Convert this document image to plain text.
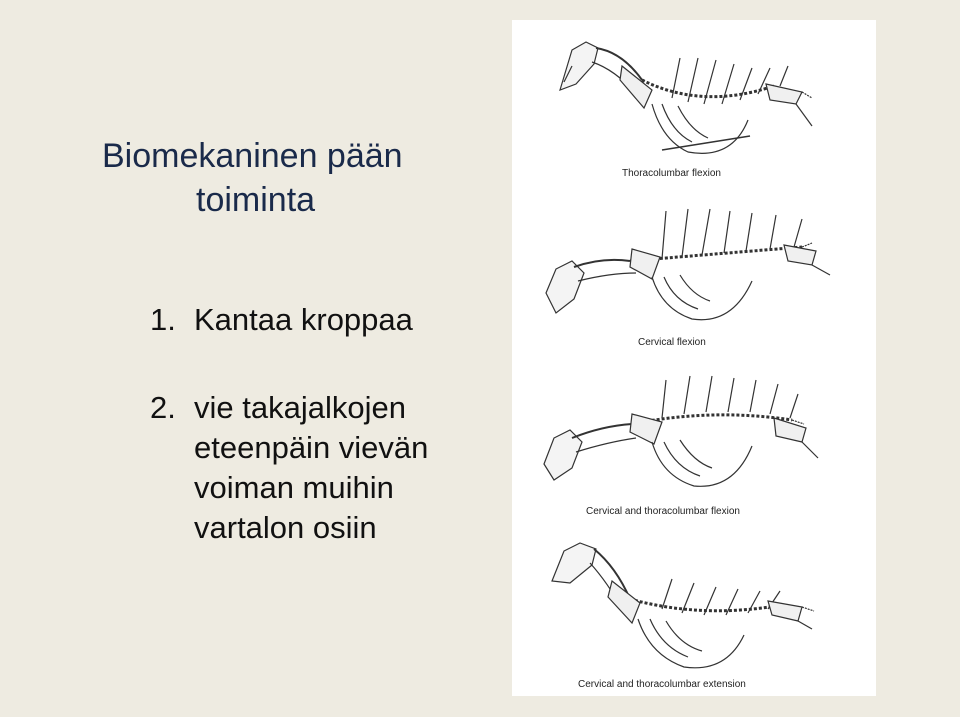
Biomekaninen pään
toiminta
1. Kantaa kroppaa
2. vie takajalkojen
eteenpäin vievän
voiman muihin
vartalon osiin
Thoracolumbar flexion
Cervical flexion
Cervical and thoracolumbar flexion
Cervical and thoracolumbar extension
